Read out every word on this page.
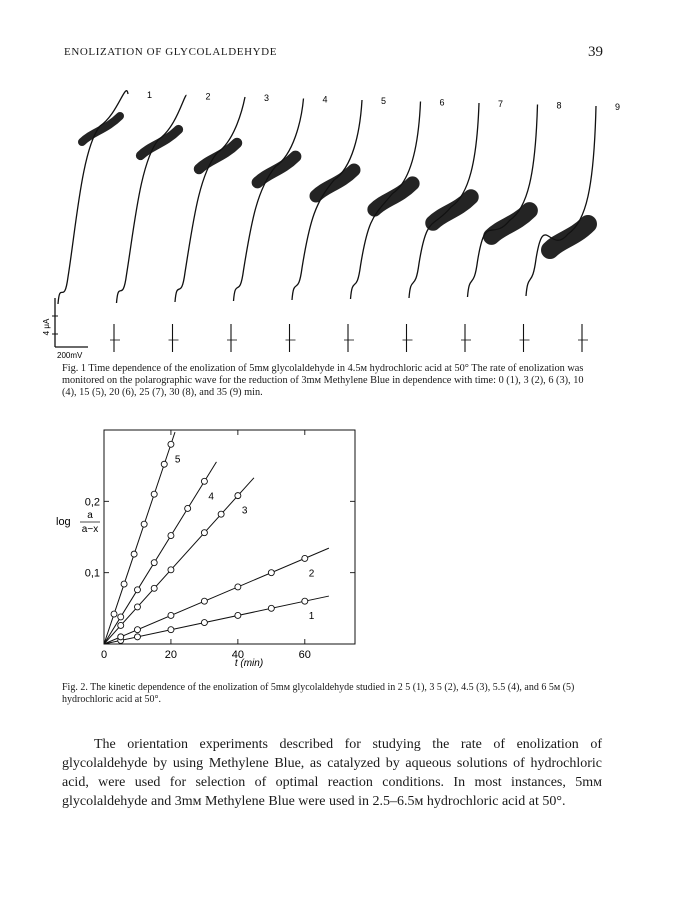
ENOLIZATION OF GLYCOLALDEHYDE	39
1	2	3	4	5	6	7	8	9
4 μA
200mV
Fig. 1 Time dependence of the enolization of 5mм glycolaldehyde in 4.5м hydrochloric acid at 50° The rate of enolization was monitored on the polarographic wave for the reduction of 3mм Methylene Blue in dependence with time: 0 (1), 3 (2), 6 (3), 10 (4), 15 (5), 20 (6), 25 (7), 30 (8), and 35 (9) min.
0	20	40	60
0,1
0,2
1
2
3
4
5
log
a
a−x
t (min)
Fig. 2. The kinetic dependence of the enolization of 5mм glycolaldehyde studied in 2 5 (1), 3 5 (2), 4.5 (3), 5.5 (4), and 6 5м (5) hydrochloric acid at 50°.
The orientation experiments described for studying the rate of enolization of glycolaldehyde by using Methylene Blue, as catalyzed by aqueous solutions of hydrochloric acid, were used for selection of optimal reaction conditions. In most instances, 5mм glycolaldehyde and 3mм Methylene Blue were used in 2.5–6.5м hydrochloric acid at 50°.
